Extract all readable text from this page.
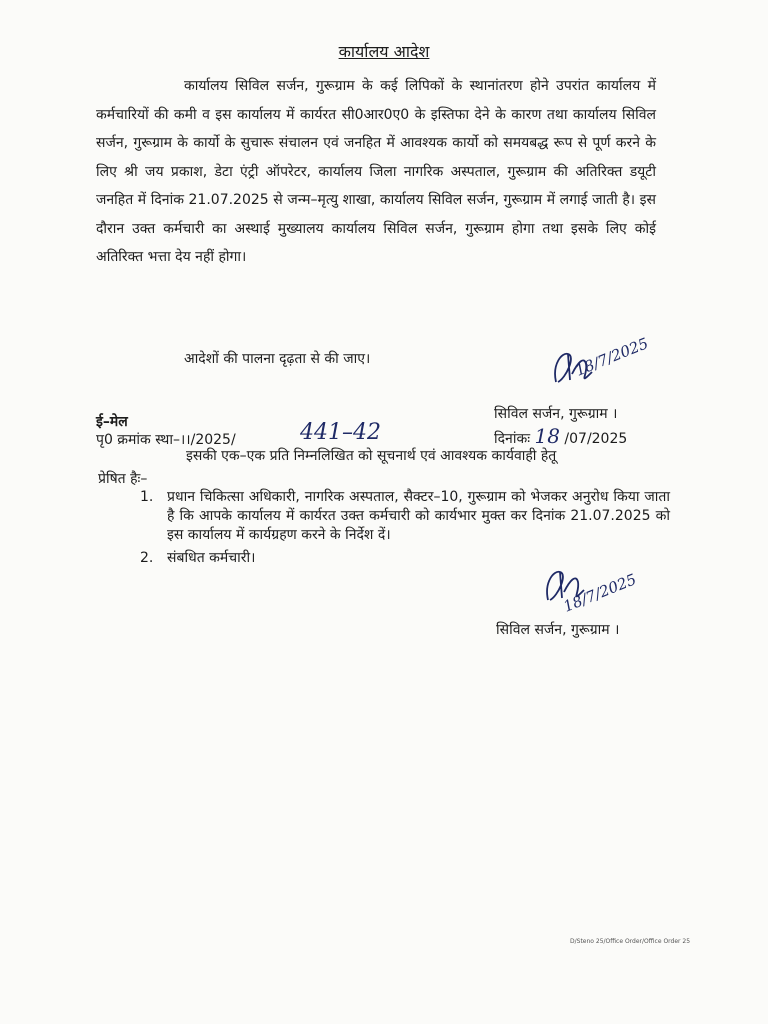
कार्यालय आदेश

कार्यालय सिविल सर्जन, गुरूग्राम के कई लिपिकों के स्थानांतरण होने उपरांत कार्यालय में कर्मचारियों की कमी व इस कार्यालय में कार्यरत सी0आर0ए0 के इस्तिफा देने के कारण तथा कार्यालय सिविल सर्जन, गुरूग्राम के कार्यो के सुचारू संचालन एवं जनहित में आवश्यक कार्यो को समयबद्ध रूप से पूर्ण करने के लिए श्री जय प्रकाश, डेटा एंट्री ऑपरेटर, कार्यालय जिला नागरिक अस्पताल, गुरूग्राम की अतिरिक्त डयूटी जनहित में दिनांक 21.07.2025 से जन्म–मृत्यु शाखा, कार्यालय सिविल सर्जन, गुरूग्राम में लगाई जाती है। इस दौरान उक्त कर्मचारी का अस्थाई मुख्यालय कार्यालय सिविल सर्जन, गुरूग्राम होगा तथा इसके लिए कोई अतिरिक्त भत्ता देय नहीं होगा।

आदेशों की पालना दृढ़ता से की जाए।
Dr
18/7/2025
सिविल सर्जन, गुरूग्राम ।
ई–मेल
पृ0 क्रमांक स्था–।।/2025/	441–42	दिनांकः 18 /07/2025
इसकी एक–एक प्रति निम्नलिखित को सूचनार्थ एवं आवश्यक कार्यवाही हेतू
प्रेषित हैः–
1. प्रधान चिकित्सा अधिकारी, नागरिक अस्पताल, सैक्टर–10, गुरूग्राम को भेजकर अनुरोध किया जाता है कि आपके कार्यालय में कार्यरत उक्त कर्मचारी को कार्यभार मुक्त कर दिनांक 21.07.2025 को इस कार्यालय में कार्यग्रहण करने के निर्देश दें।
2. संबधित कर्मचारी।
Dr 18/7/2025
सिविल सर्जन, गुरूग्राम ।
D/Steno 25/Office Order/Office Order 25
